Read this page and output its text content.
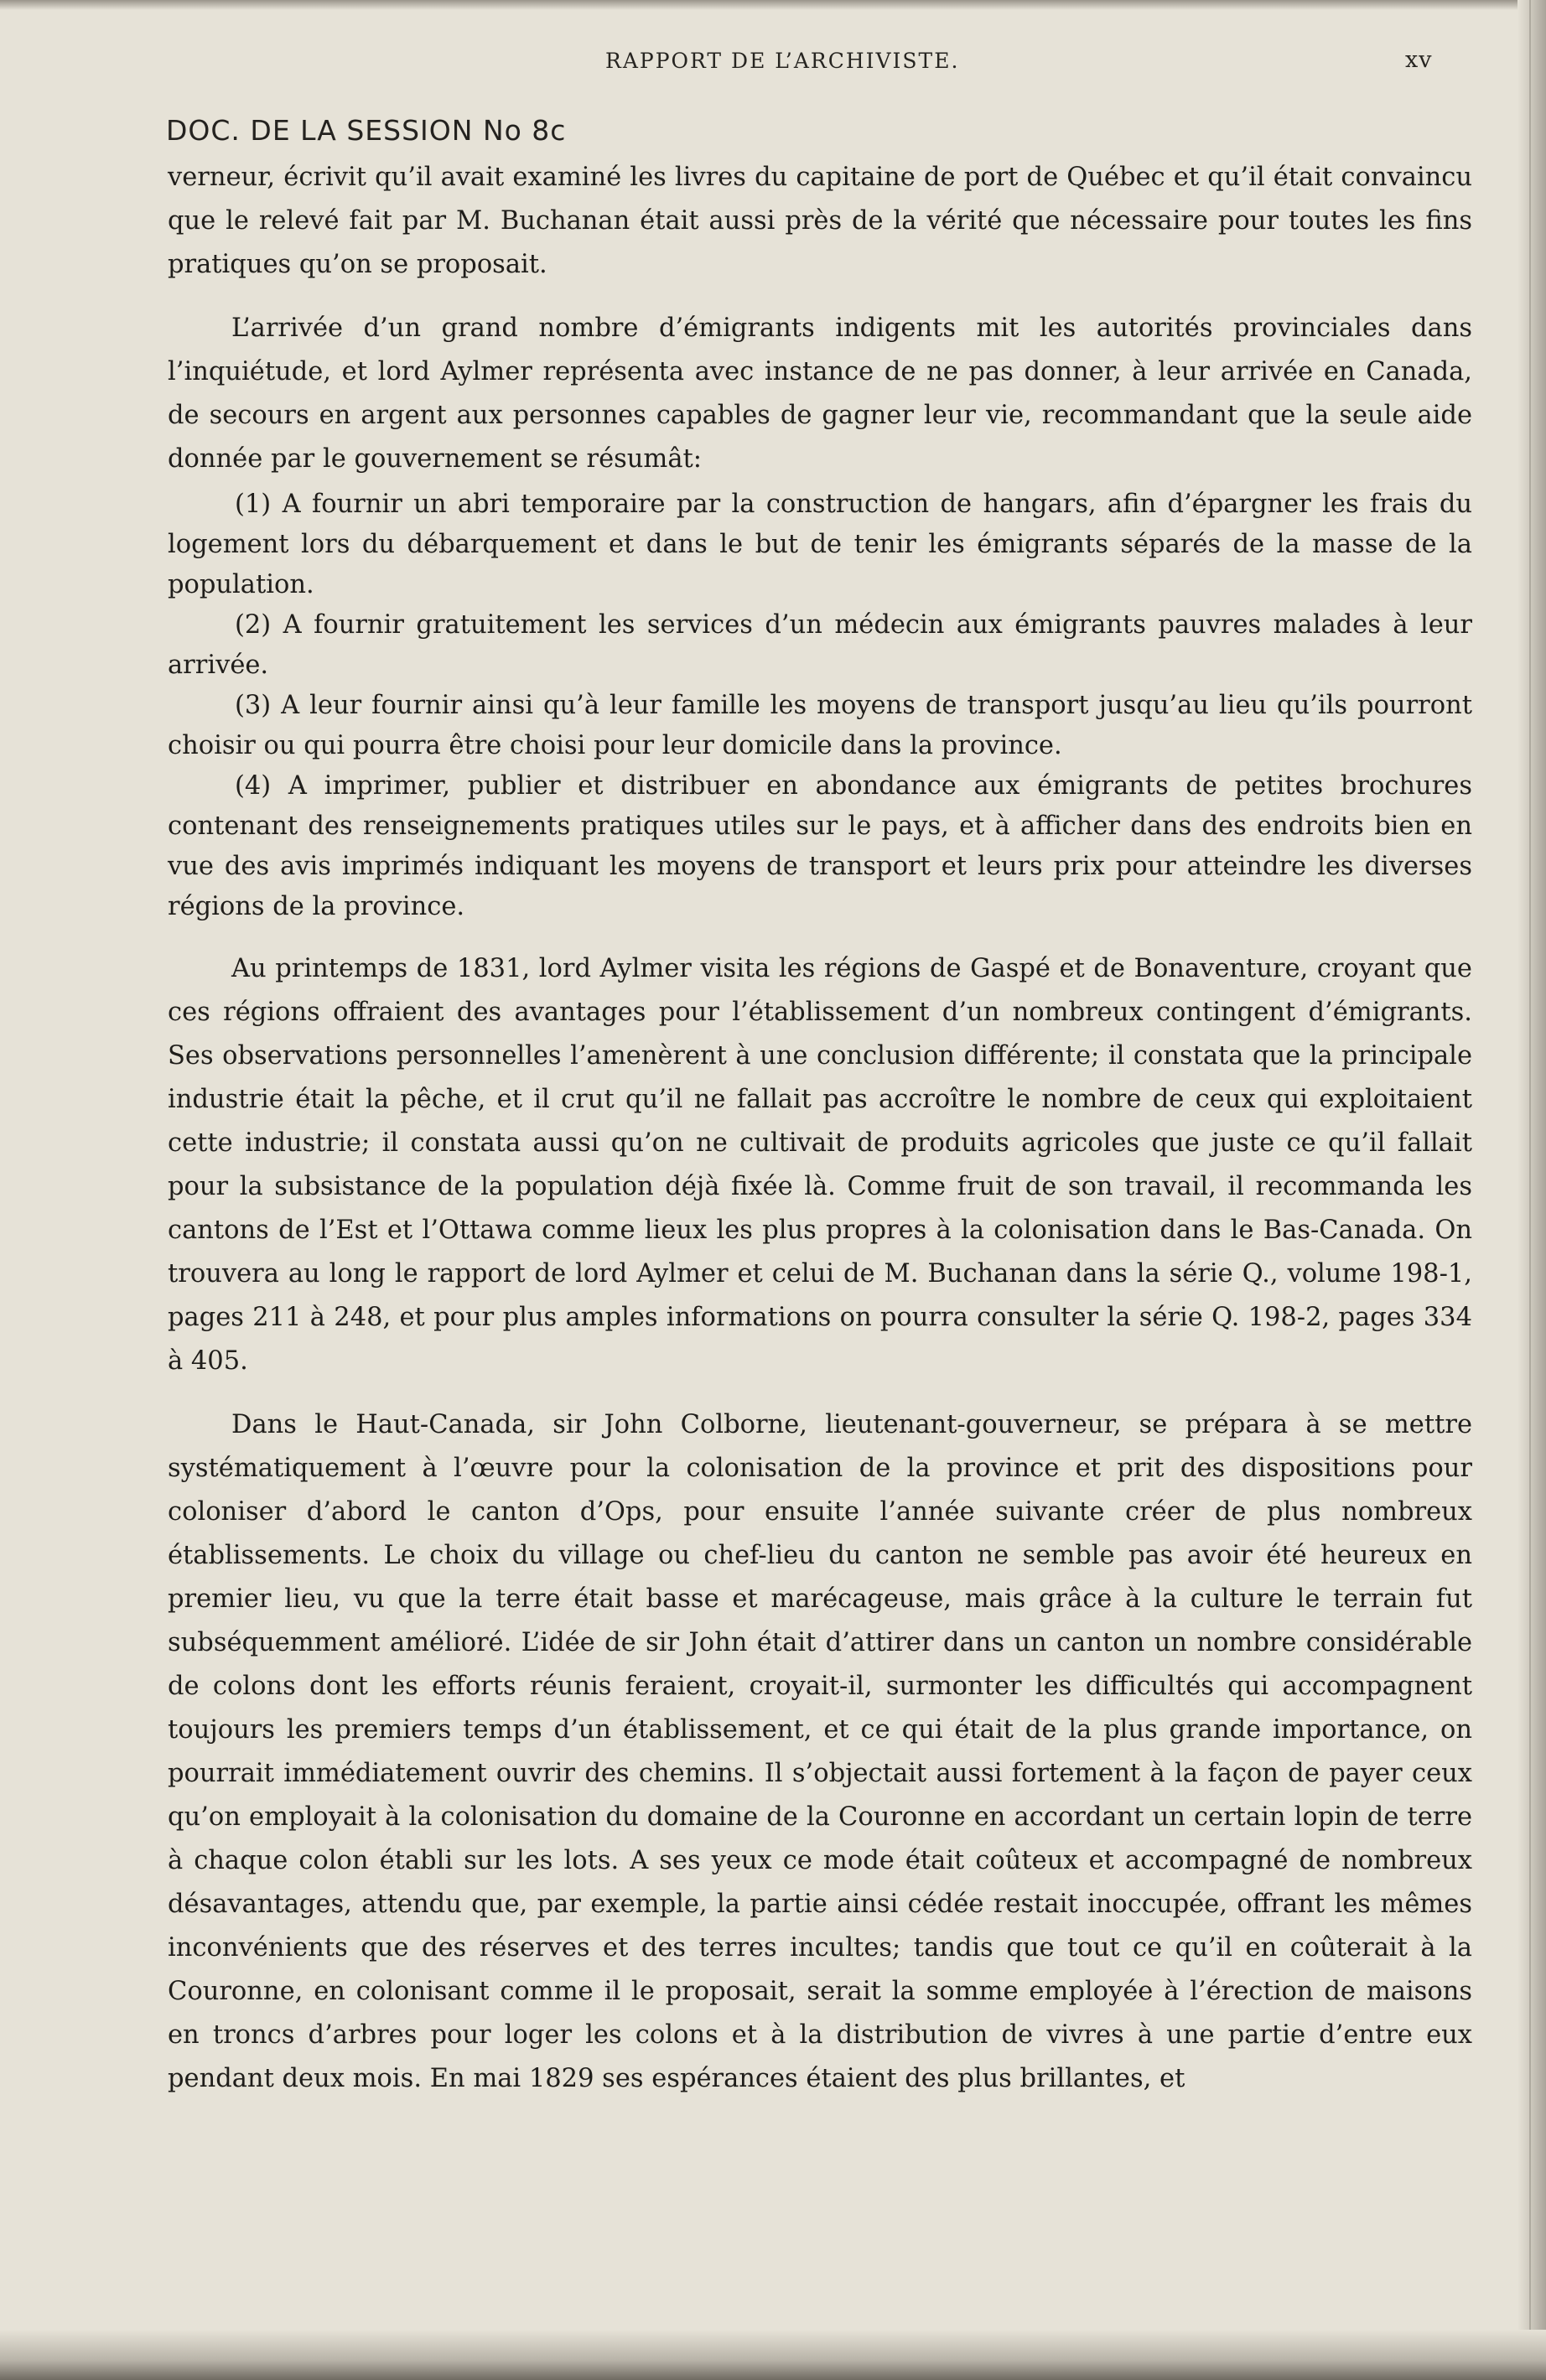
RAPPORT DE L’ARCHIVISTE.	xv
DOC. DE LA SESSION No 8c

verneur, écrivit qu’il avait examiné les livres du capitaine de port de Québec et qu’il était convaincu que le relevé fait par M. Buchanan était aussi près de la vérité que nécessaire pour toutes les fins pratiques qu’on se proposait.

L’arrivée d’un grand nombre d’émigrants indigents mit les autorités provinciales dans l’inquiétude, et lord Aylmer représenta avec instance de ne pas donner, à leur arrivée en Canada, de secours en argent aux personnes capables de gagner leur vie, recommandant que la seule aide donnée par le gouvernement se résumât:

(1) A fournir un abri temporaire par la construction de hangars, afin d’épargner les frais du logement lors du débarquement et dans le but de tenir les émigrants séparés de la masse de la population.

(2) A fournir gratuitement les services d’un médecin aux émigrants pauvres malades à leur arrivée.

(3) A leur fournir ainsi qu’à leur famille les moyens de transport jusqu’au lieu qu’ils pourront choisir ou qui pourra être choisi pour leur domicile dans la province.

(4) A imprimer, publier et distribuer en abondance aux émigrants de petites brochures contenant des renseignements pratiques utiles sur le pays, et à afficher dans des endroits bien en vue des avis imprimés indiquant les moyens de transport et leurs prix pour atteindre les diverses régions de la province.

Au printemps de 1831, lord Aylmer visita les régions de Gaspé et de Bonaventure, croyant que ces régions offraient des avantages pour l’établissement d’un nombreux contingent d’émigrants. Ses observations personnelles l’amenèrent à une conclusion différente; il constata que la principale industrie était la pêche, et il crut qu’il ne fallait pas accroître le nombre de ceux qui exploitaient cette industrie; il constata aussi qu’on ne cultivait de produits agricoles que juste ce qu’il fallait pour la subsistance de la population déjà fixée là. Comme fruit de son travail, il recommanda les cantons de l’Est et l’Ottawa comme lieux les plus propres à la colonisation dans le Bas-Canada. On trouvera au long le rapport de lord Aylmer et celui de M. Buchanan dans la série Q., volume 198-1, pages 211 à 248, et pour plus amples informations on pourra consulter la série Q. 198-2, pages 334 à 405.

Dans le Haut-Canada, sir John Colborne, lieutenant-gouverneur, se prépara à se mettre systématiquement à l’œuvre pour la colonisation de la province et prit des dispositions pour coloniser d’abord le canton d’Ops, pour ensuite l’année suivante créer de plus nombreux établissements. Le choix du village ou chef-lieu du canton ne semble pas avoir été heureux en premier lieu, vu que la terre était basse et marécageuse, mais grâce à la culture le terrain fut subséquemment amélioré. L’idée de sir John était d’attirer dans un canton un nombre considérable de colons dont les efforts réunis feraient, croyait-il, surmonter les difficultés qui accompagnent toujours les premiers temps d’un établissement, et ce qui était de la plus grande importance, on pourrait immédiatement ouvrir des chemins. Il s’objectait aussi fortement à la façon de payer ceux qu’on employait à la colonisation du domaine de la Couronne en accordant un certain lopin de terre à chaque colon établi sur les lots. A ses yeux ce mode était coûteux et accompagné de nombreux désavantages, attendu que, par exemple, la partie ainsi cédée restait inoccupée, offrant les mêmes inconvénients que des réserves et des terres incultes; tandis que tout ce qu’il en coûterait à la Couronne, en colonisant comme il le proposait, serait la somme employée à l’érection de maisons en troncs d’arbres pour loger les colons et à la distribution de vivres à une partie d’entre eux pendant deux mois. En mai 1829 ses espérances étaient des plus brillantes, et
